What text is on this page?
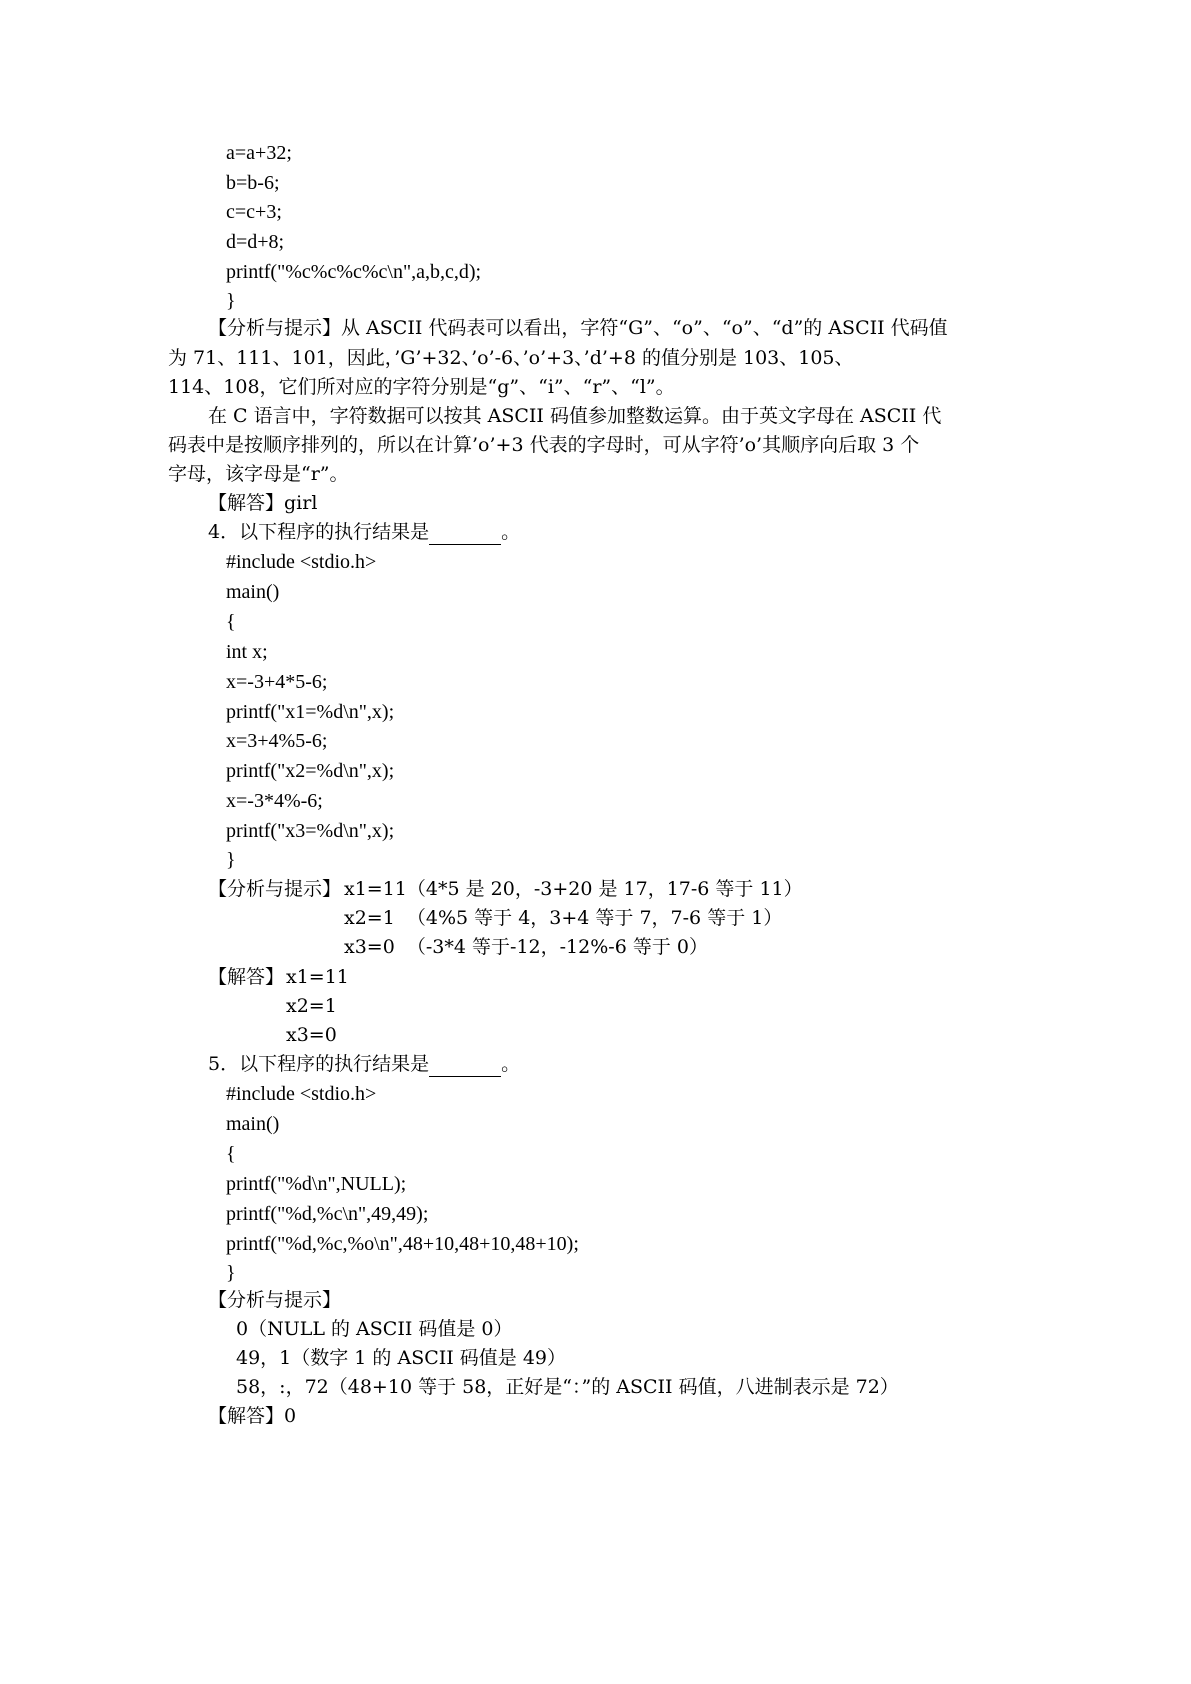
a=a+32;
b=b-6;
c=c+3;
d=d+8;
printf("%c%c%c%c\n",a,b,c,d);
}
【分析与提示】从 ASCII 代码表可以看出，字符“G”、“o”、“o”、“d”的 ASCII 代码值
为 71、111、101，因此，’G’+32、’o’-6、’o’+3、’d’+8 的值分别是 103、105、
114、108，它们所对应的字符分别是“g”、“i”、“r”、“l”。
在 C 语言中，字符数据可以按其 ASCII 码值参加整数运算。由于英文字母在 ASCII 代
码表中是按顺序排列的，所以在计算’o’+3 代表的字母时，可从字符’o’其顺序向后取 3 个
字母，该字母是“r”。
【解答】girl
4．以下程序的执行结果是	。
#include <stdio.h>
main()
{
int x;
x=-3+4*5-6;
printf("x1=%d\n",x);
x=3+4%5-6;
printf("x2=%d\n",x);
x=-3*4%-6;
printf("x3=%d\n",x);
}
【分析与提示】 x1=11（4*5 是 20，-3+20 是 17，17-6 等于 11）
x2=1  （4%5 等于 4，3+4 等于 7，7-6 等于 1）
x3=0  （-3*4 等于-12，-12%-6 等于 0）
【解答】 x1=11
x2=1
x3=0
5．以下程序的执行结果是	。
#include <stdio.h>
main()
{
printf("%d\n",NULL);
printf("%d,%c\n",49,49);
printf("%d,%c,%o\n",48+10,48+10,48+10);
}
【分析与提示】
0（NULL 的 ASCII 码值是 0）
49，1（数字 1 的 ASCII 码值是 49）
58，:，72（48+10 等于 58，正好是“：”的 ASCII 码值，八进制表示是 72）
【解答】0
